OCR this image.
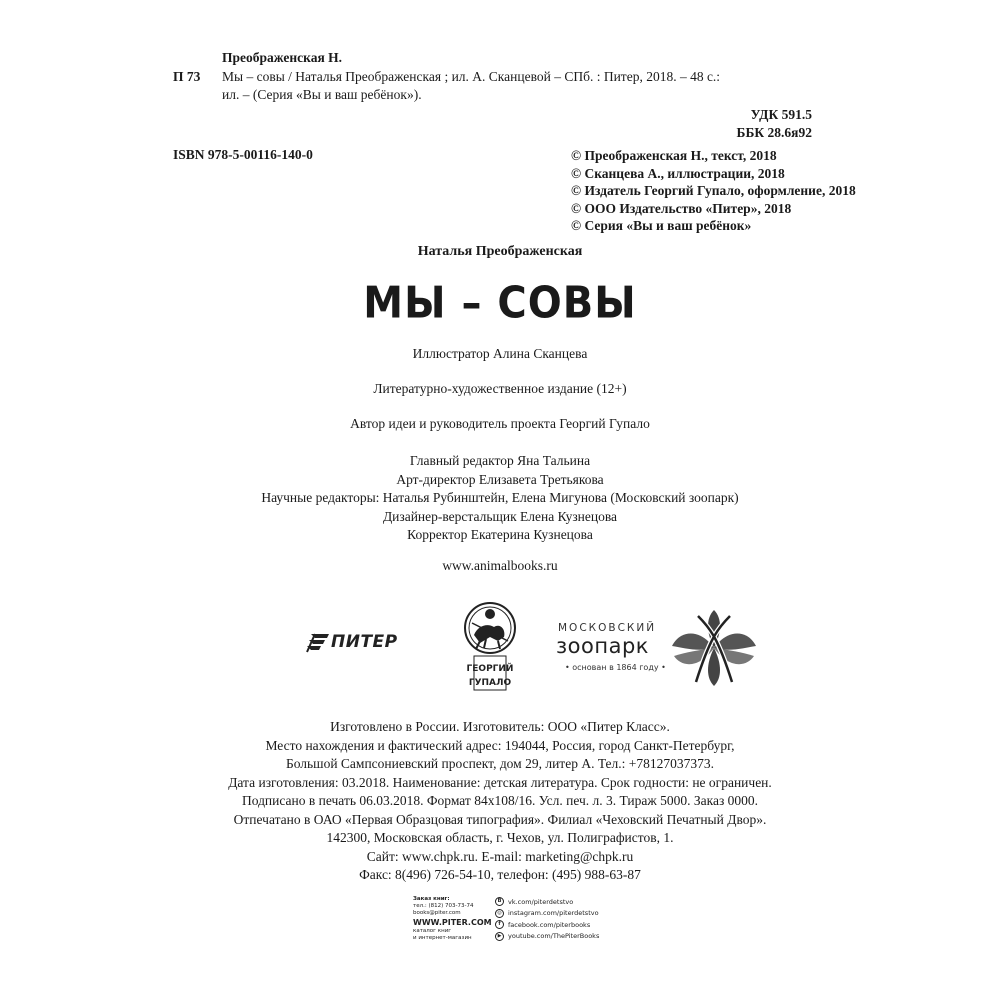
Преображенская Н.
П 73 Мы – совы / Наталья Преображенская ; ил. А. Сканцевой – СПб. : Питер, 2018. – 48 с.:
ил. – (Серия «Вы и ваш ребёнок»).
УДК 591.5
ББК 28.6я92
ISBN 978-5-00116-140-0	© Преображенская Н., текст, 2018
© Сканцева А., иллюстрации, 2018
© Издатель Георгий Гупало, оформление, 2018
© ООО Издательство «Питер», 2018
© Серия «Вы и ваш ребёнок»
Наталья Преображенская
МЫ – СОВЫ
Иллюстратор Алина Сканцева
Литературно-художественное издание (12+)
Автор идеи и руководитель проекта Георгий Гупало
Главный редактор Яна Тальина
Арт-директор Елизавета Третьякова
Научные редакторы: Наталья Рубинштейн, Елена Мигунова (Московский зоопарк)
Дизайнер-верстальщик Елена Кузнецова
Корректор Екатерина Кузнецова
www.animalbooks.ru
ПИТЕР
ГЕОРГИЙ
ГУПАЛО
МОСКОВСКИЙ
зоопарк
• основан в 1864 году •
Изготовлено в России. Изготовитель: ООО «Питер Класс».
Место нахождения и фактический адрес: 194044, Россия, город Санкт-Петербург,
Большой Сампсониевский проспект, дом 29, литер А. Тел.: +78127037373.
Дата изготовления: 03.2018. Наименование: детская литература. Срок годности: не ограничен.
Подписано в печать 06.03.2018. Формат 84х108/16. Усл. печ. л. 3. Тираж 5000. Заказ 0000.
Отпечатано в ОАО «Первая Образцовая типография». Филиал «Чеховский Печатный Двор».
142300, Московская область, г. Чехов, ул. Полиграфистов, 1.
Сайт: www.chpk.ru. E-mail: marketing@chpk.ru
Факс: 8(496) 726-54-10, телефон: (495) 988-63-87
Заказ книг:
тел.: (812) 703-73-74
books@piter.com
WWW.PITER.COM
каталог книг
и интернет-магазин
B	vk.com/piterdetstvo
◎ instagram.com/piterdetstvo
f	facebook.com/piterbooks
▶	youtube.com/ThePiterBooks
